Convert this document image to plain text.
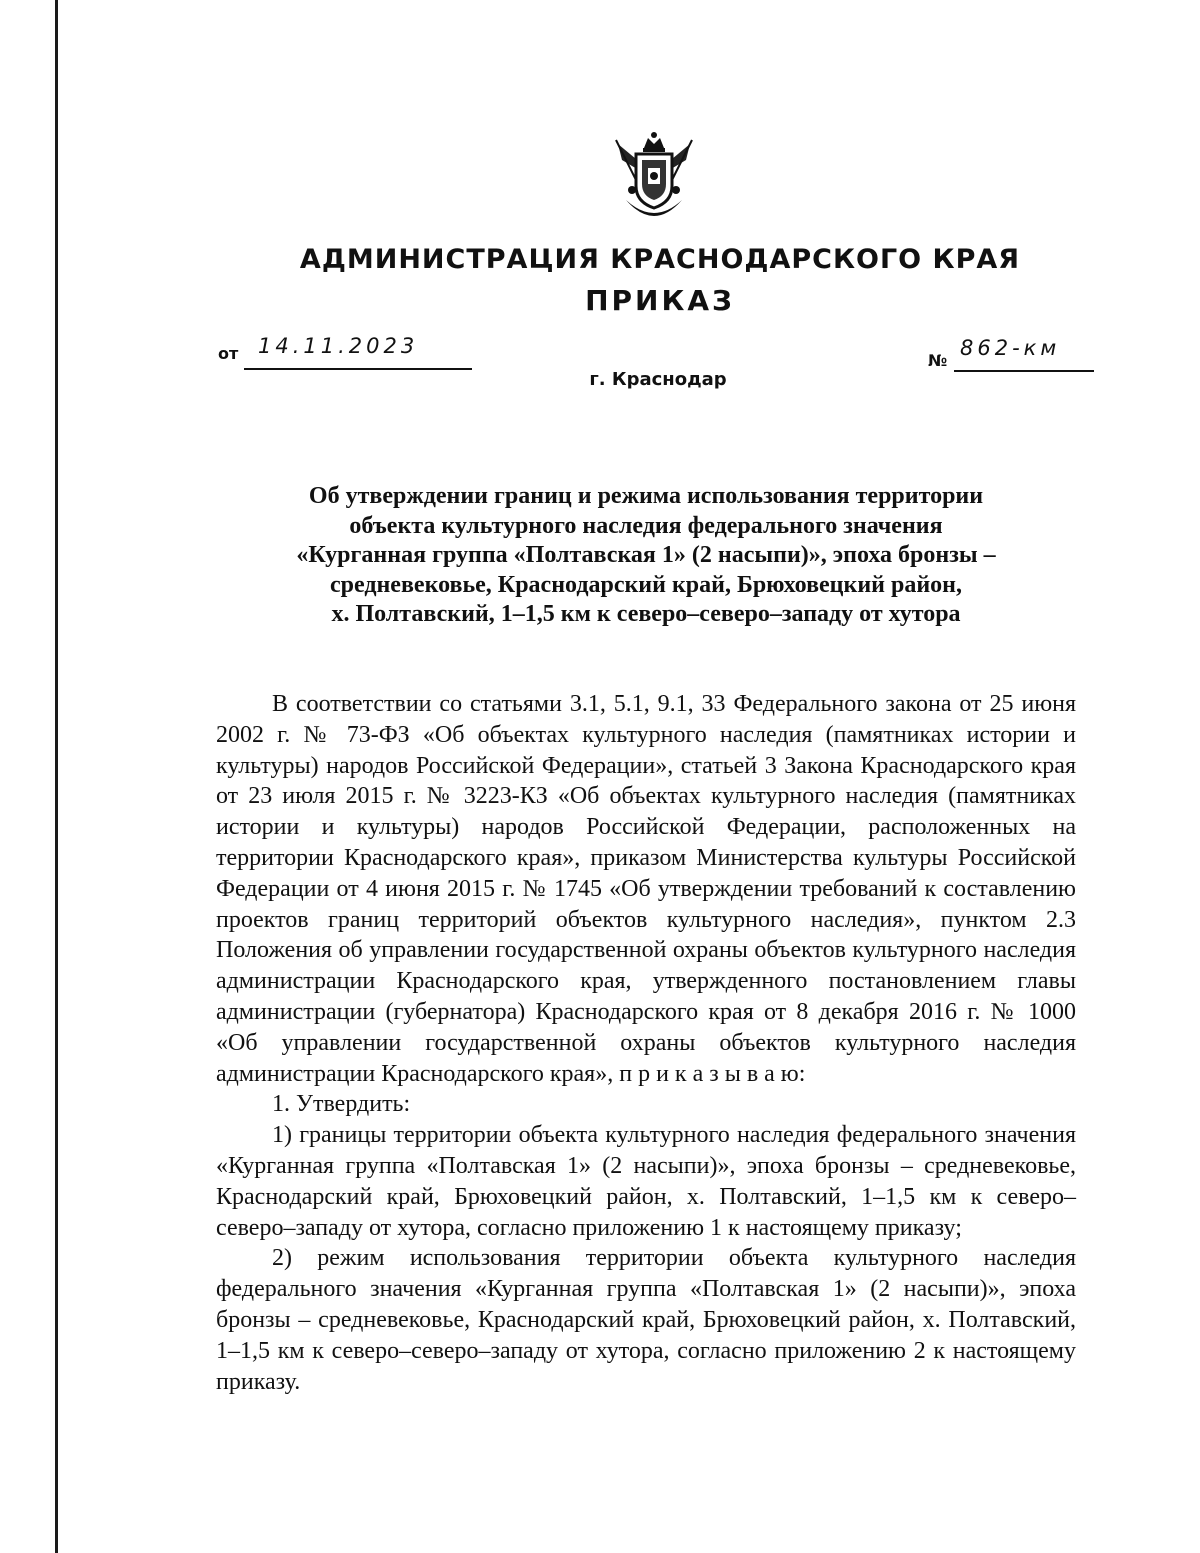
АДМИНИСТРАЦИЯ КРАСНОДАРСКОГО КРАЯ
ПРИКАЗ
от 14.11.2023
№
862-км
г. Краснодар
Об утверждении границ и режима использования территории
объекта культурного наследия федерального значения
«Курганная группа «Полтавская 1» (2 насыпи)», эпоха бронзы –
средневековье, Краснодарский край, Брюховецкий район,
х. Полтавский, 1–1,5 км к северо–северо–западу от хутора

В соответствии со статьями 3.1, 5.1, 9.1, 33 Федерального закона от 25 июня 2002 г. № 73-ФЗ «Об объектах культурного наследия (памятниках истории и культуры) народов Российской Федерации», статьей 3 Закона Краснодарского края от 23 июля 2015 г. № 3223-КЗ «Об объектах культурного наследия (памятниках истории и культуры) народов Российской Федерации, расположенных на территории Краснодарского края», приказом Министерства культуры Российской Федерации от 4 июня 2015 г. № 1745 «Об утверждении требований к составлению проектов границ территорий объектов культурного наследия», пунктом 2.3 Положения об управлении государственной охраны объектов культурного наследия администрации Краснодарского края, утвержденного постановлением главы администрации (губернатора) Краснодарского края от 8 декабря 2016 г. № 1000 «Об управлении государственной охраны объектов культурного наследия администрации Краснодарского края», п р и к а з ы в а ю:

1. Утвердить:

1) границы территории объекта культурного наследия федерального значения «Курганная группа «Полтавская 1» (2 насыпи)», эпоха бронзы – средневековье, Краснодарский край, Брюховецкий район, х. Полтавский, 1–1,5 км к северо–северо–западу от хутора, согласно приложению 1 к настоящему приказу;

2) режим использования территории объекта культурного наследия федерального значения «Курганная группа «Полтавская 1» (2 насыпи)», эпоха бронзы – средневековье, Краснодарский край, Брюховецкий район, х. Полтавский, 1–1,5 км к северо–северо–западу от хутора, согласно приложению 2 к настоящему приказу.
